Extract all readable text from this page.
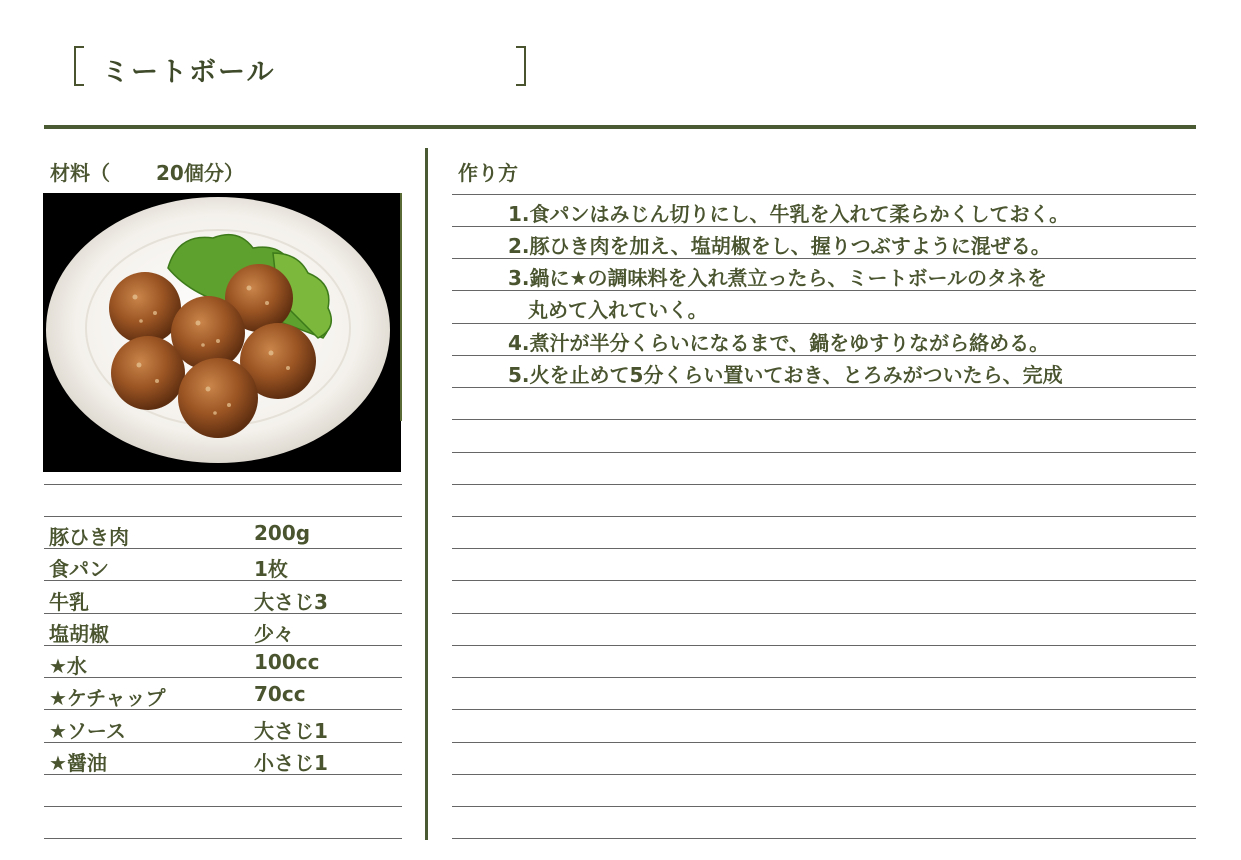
ミートボール
材料（ 20個分）
豚ひき肉	200g
食パン	1枚
牛乳	大さじ3
塩胡椒	少々
★水	100cc
★ケチャップ	70cc
★ソース	大さじ1
★醤油	小さじ1
作り方
1.食パンはみじん切りにし、牛乳を入れて柔らかくしておく。
2.豚ひき肉を加え、塩胡椒をし、握りつぶすように混ぜる。
3.鍋に★の調味料を入れ煮立ったら、ミートボールのタネを
　丸めて入れていく。
4.煮汁が半分くらいになるまで、鍋をゆすりながら絡める。
5.火を止めて5分くらい置いておき、とろみがついたら、完成
